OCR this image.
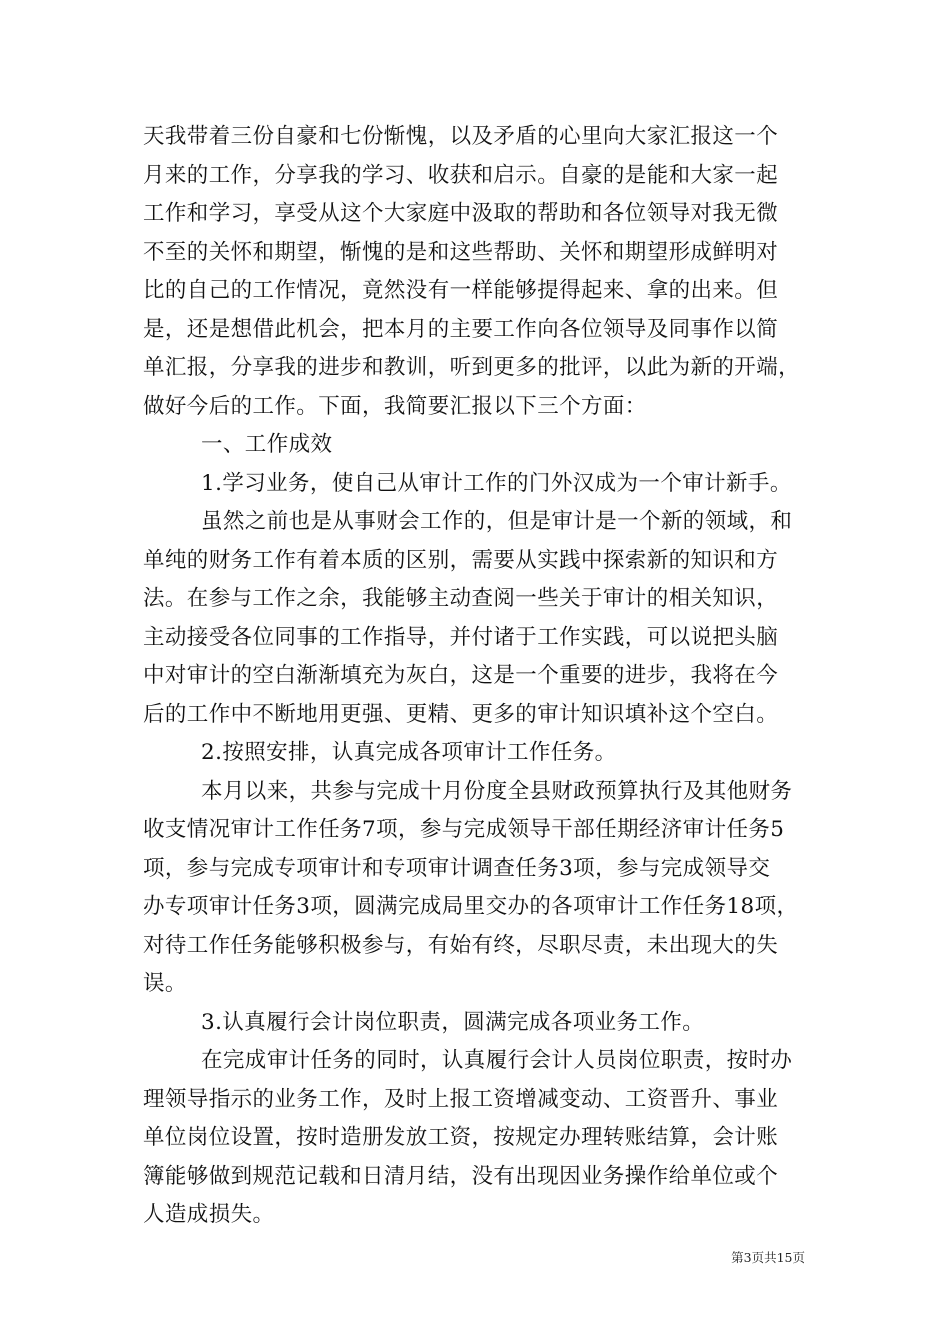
天我带着三份自豪和七份惭愧，以及矛盾的心里向大家汇报这一个
月来的工作，分享我的学习、收获和启示。自豪的是能和大家一起
工作和学习，享受从这个大家庭中汲取的帮助和各位领导对我无微
不至的关怀和期望，惭愧的是和这些帮助、关怀和期望形成鲜明对
比的自己的工作情况，竟然没有一样能够提得起来、拿的出来。但
是，还是想借此机会，把本月的主要工作向各位领导及同事作以简
单汇报，分享我的进步和教训，听到更多的批评，以此为新的开端，
做好今后的工作。下面，我简要汇报以下三个方面：
一、工作成效
1.学习业务，使自己从审计工作的门外汉成为一个审计新手。
虽然之前也是从事财会工作的，但是审计是一个新的领域，和
单纯的财务工作有着本质的区别，需要从实践中探索新的知识和方
法。在参与工作之余，我能够主动查阅一些关于审计的相关知识，
主动接受各位同事的工作指导，并付诸于工作实践，可以说把头脑
中对审计的空白渐渐填充为灰白，这是一个重要的进步，我将在今
后的工作中不断地用更强、更精、更多的审计知识填补这个空白。
2.按照安排，认真完成各项审计工作任务。
本月以来，共参与完成十月份度全县财政预算执行及其他财务
收支情况审计工作任务7项，参与完成领导干部任期经济审计任务5
项，参与完成专项审计和专项审计调查任务3项，参与完成领导交
办专项审计任务3项，圆满完成局里交办的各项审计工作任务18项，
对待工作任务能够积极参与，有始有终，尽职尽责，未出现大的失
误。
3.认真履行会计岗位职责，圆满完成各项业务工作。
在完成审计任务的同时，认真履行会计人员岗位职责，按时办
理领导指示的业务工作，及时上报工资增减变动、工资晋升、事业
单位岗位设置，按时造册发放工资，按规定办理转账结算，会计账
簿能够做到规范记载和日清月结，没有出现因业务操作给单位或个
人造成损失。
第3页共15页
